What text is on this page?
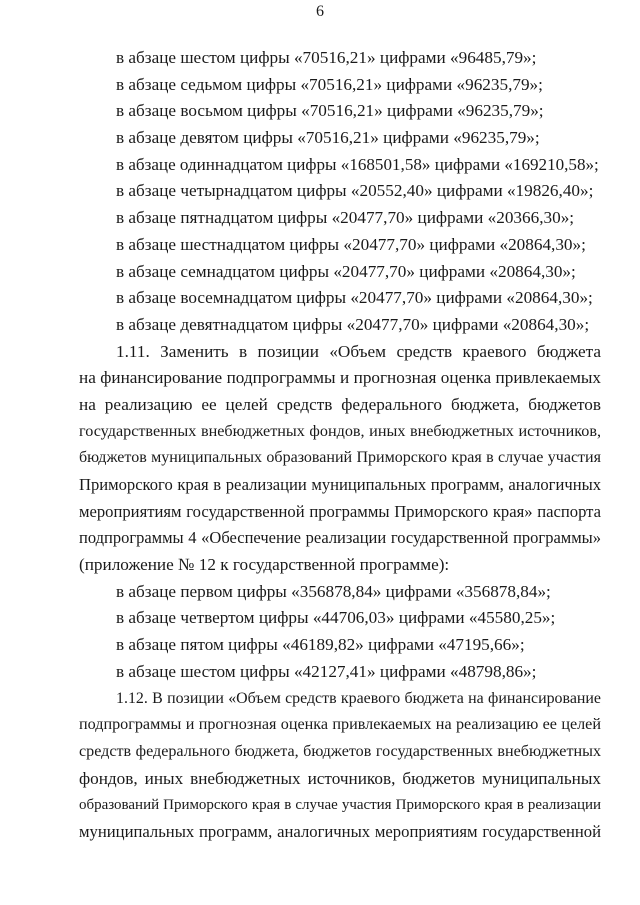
6
в абзаце шестом цифры «70516,21» цифрами «96485,79»;
в абзаце седьмом цифры «70516,21» цифрами «96235,79»;
в абзаце восьмом цифры «70516,21» цифрами «96235,79»;
в абзаце девятом цифры «70516,21» цифрами «96235,79»;
в абзаце одиннадцатом цифры «168501,58» цифрами «169210,58»;
в абзаце четырнадцатом цифры «20552,40» цифрами «19826,40»;
в абзаце пятнадцатом цифры «20477,70» цифрами «20366,30»;
в абзаце шестнадцатом цифры «20477,70» цифрами «20864,30»;
в абзаце семнадцатом цифры «20477,70» цифрами «20864,30»;
в абзаце восемнадцатом цифры «20477,70» цифрами «20864,30»;
в абзаце девятнадцатом цифры «20477,70» цифрами «20864,30»;
1.11. Заменить в позиции «Объем средств краевого бюджета
на финансирование подпрограммы и прогнозная оценка привлекаемых
на реализацию ее целей средств федерального бюджета, бюджетов
государственных внебюджетных фондов, иных внебюджетных источников,
бюджетов муниципальных образований Приморского края в случае участия
Приморского края в реализации муниципальных программ, аналогичных
мероприятиям государственной программы Приморского края» паспорта
подпрограммы 4 «Обеспечение реализации государственной программы»
(приложение № 12 к государственной программе):
в абзаце первом цифры «356878,84» цифрами «356878,84»;
в абзаце четвертом цифры «44706,03» цифрами «45580,25»;
в абзаце пятом цифры «46189,82» цифрами «47195,66»;
в абзаце шестом цифры «42127,41» цифрами «48798,86»;
1.12. В позиции «Объем средств краевого бюджета на финансирование
подпрограммы и прогнозная оценка привлекаемых на реализацию ее целей
средств федерального бюджета, бюджетов государственных внебюджетных
фондов, иных внебюджетных источников, бюджетов муниципальных
образований Приморского края в случае участия Приморского края в реализации
муниципальных программ, аналогичных мероприятиям государственной
